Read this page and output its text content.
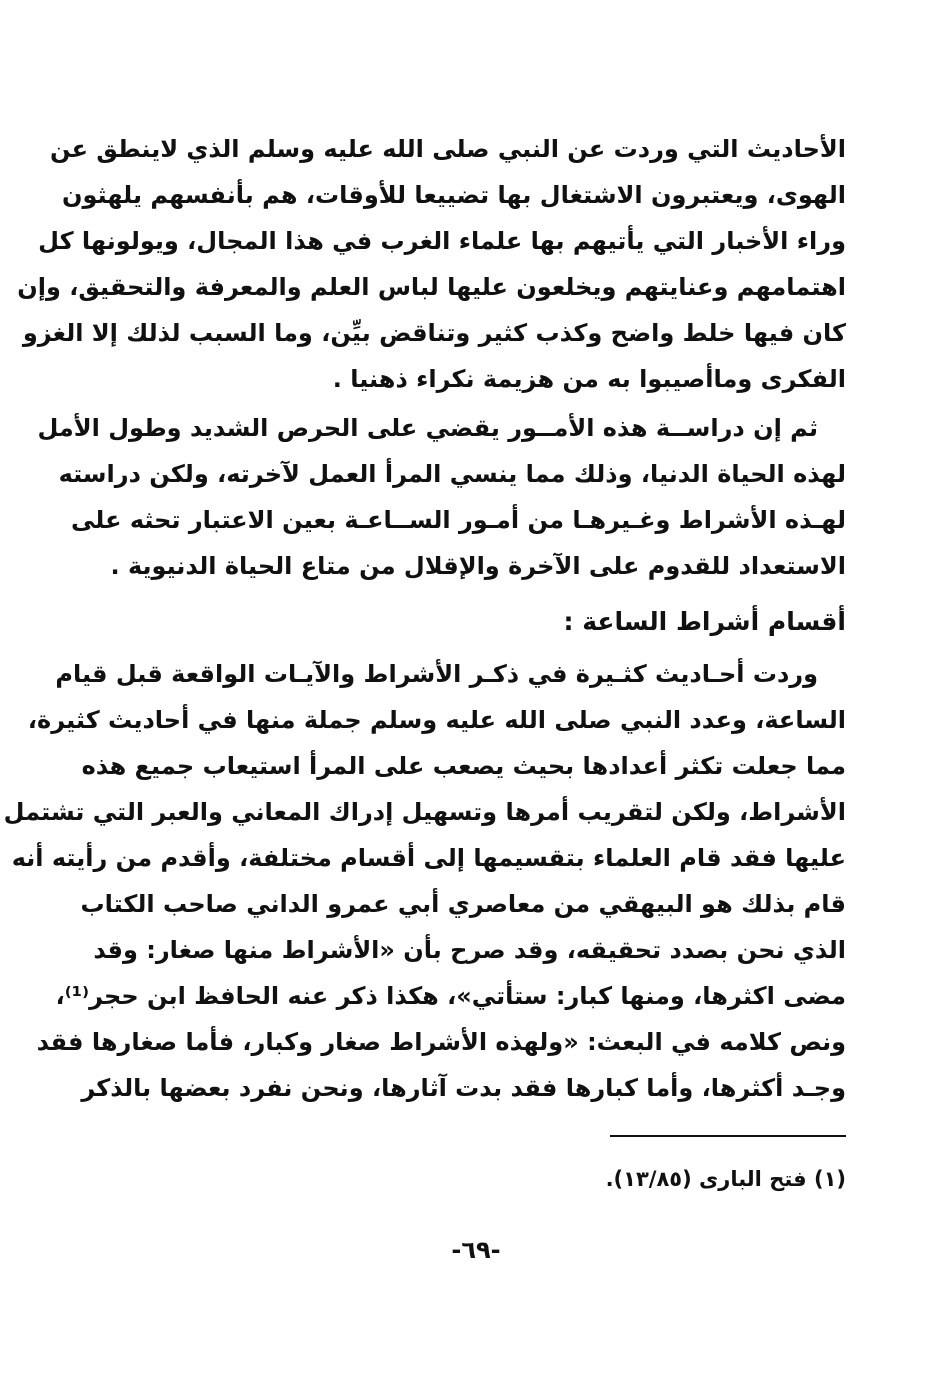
الأحاديث التي وردت عن النبي صلى الله عليه وسلم الذي لاينطق عن
الهوى، ويعتبرون الاشتغال بها تضييعا للأوقات، هم بأنفسهم يلهثون
وراء الأخبار التي يأتيهم بها علماء الغرب في هذا المجال، ويولونها كل
اهتمامهم وعنايتهم ويخلعون عليها لباس العلم والمعرفة والتحقيق، وإن
كان فيها خلط واضح وكذب كثير وتناقض بيِّن، وما السبب لذلك إلا الغزو
الفكرى وماأصيبوا به من هزيمة نكراء ذهنيا .
ثم إن دراســة هذه الأمــور يقضي على الحرص الشديد وطول الأمل
لهذه الحياة الدنيا، وذلك مما ينسي المرأ العمل لآخرته، ولكن دراسته
لهـذه الأشراط وغـيرهـا من أمـور الســاعـة بعين الاعتبار تحثه على
الاستعداد للقدوم على الآخرة والإقلال من متاع الحياة الدنيوية .
أقسام أشراط الساعة :
وردت أحـاديث كثـيرة في ذكـر الأشراط والآيـات الواقعة قبل قيام
الساعة، وعدد النبي صلى الله عليه وسلم جملة منها في أحاديث كثيرة،
مما جعلت تكثر أعدادها بحيث يصعب على المرأ استيعاب جميع هذه
الأشراط، ولكن لتقريب أمرها وتسهيل إدراك المعاني والعبر التي تشتمل
عليها فقد قام العلماء بتقسيمها إلى أقسام مختلفة، وأقدم من رأيته أنه
قام بذلك هو البيهقي من معاصري أبي عمرو الداني صاحب الكتاب
الذي نحن بصدد تحقيقه، وقد صرح بأن «الأشراط منها صغار: وقد
مضى اكثرها، ومنها كبار: ستأتي»، هكذا ذكر عنه الحافظ ابن حجر⁽¹⁾،
ونص كلامه في البعث: «ولهذه الأشراط صغار وكبار، فأما صغارها فقد
وجـد أكثرها، وأما كبارها فقد بدت آثارها، ونحن نفرد بعضها بالذكر
(١) فتح البارى (١٣/٨٥).
-٦٩-
